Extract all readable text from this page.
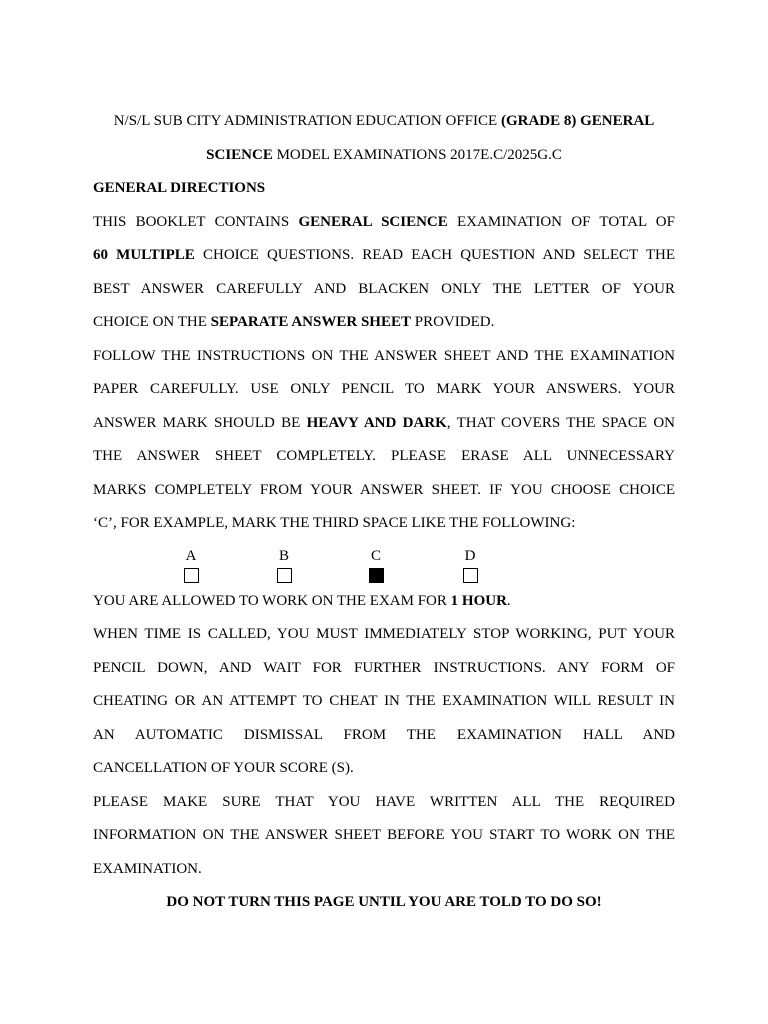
N/S/L SUB CITY ADMINISTRATION EDUCATION OFFICE (GRADE 8) GENERAL
SCIENCE MODEL EXAMINATIONS 2017E.C/2025G.C
GENERAL DIRECTIONS
THIS BOOKLET CONTAINS GENERAL SCIENCE EXAMINATION OF TOTAL OF
60 MULTIPLE CHOICE QUESTIONS. READ EACH QUESTION AND SELECT THE
BEST ANSWER CAREFULLY AND BLACKEN ONLY THE LETTER OF YOUR
CHOICE ON THE SEPARATE ANSWER SHEET PROVIDED.
FOLLOW THE INSTRUCTIONS ON THE ANSWER SHEET AND THE EXAMINATION
PAPER CAREFULLY. USE ONLY PENCIL TO MARK YOUR ANSWERS. YOUR
ANSWER MARK SHOULD BE HEAVY AND DARK, THAT COVERS THE SPACE ON
THE ANSWER SHEET COMPLETELY. PLEASE ERASE ALL UNNECESSARY
MARKS COMPLETELY FROM YOUR ANSWER SHEET. IF YOU CHOOSE CHOICE
‘C’, FOR EXAMPLE, MARK THE THIRD SPACE LIKE THE FOLLOWING:
A	B	C	D
YOU ARE ALLOWED TO WORK ON THE EXAM FOR 1 HOUR.
WHEN TIME IS CALLED, YOU MUST IMMEDIATELY STOP WORKING, PUT YOUR
PENCIL DOWN, AND WAIT FOR FURTHER INSTRUCTIONS. ANY FORM OF
CHEATING OR AN ATTEMPT TO CHEAT IN THE EXAMINATION WILL RESULT IN
AN AUTOMATIC DISMISSAL FROM THE EXAMINATION HALL AND
CANCELLATION OF YOUR SCORE (S).
PLEASE MAKE SURE THAT YOU HAVE WRITTEN ALL THE REQUIRED
INFORMATION ON THE ANSWER SHEET BEFORE YOU START TO WORK ON THE
EXAMINATION.
DO NOT TURN THIS PAGE UNTIL YOU ARE TOLD TO DO SO!
